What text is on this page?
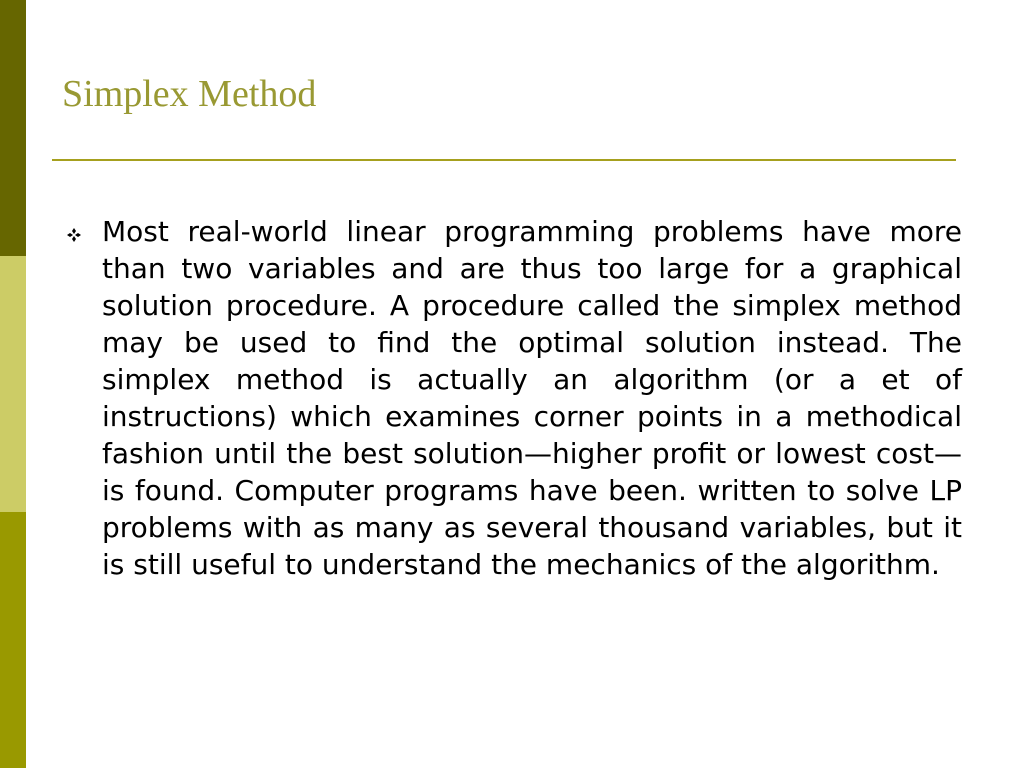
Simplex Method
Most real-world linear programming problems have more than two variables and are thus too large for a graphical solution procedure. A procedure called the simplex method may be used to find the optimal solution instead. The simplex method is actually an algorithm (or a et of instructions) which examines corner points in a methodical fashion until the best solution—higher profit or lowest cost—is found. Computer programs have been. written to solve LP problems with as many as several thousand variables, but it is still useful to understand the mechanics of the algorithm.
